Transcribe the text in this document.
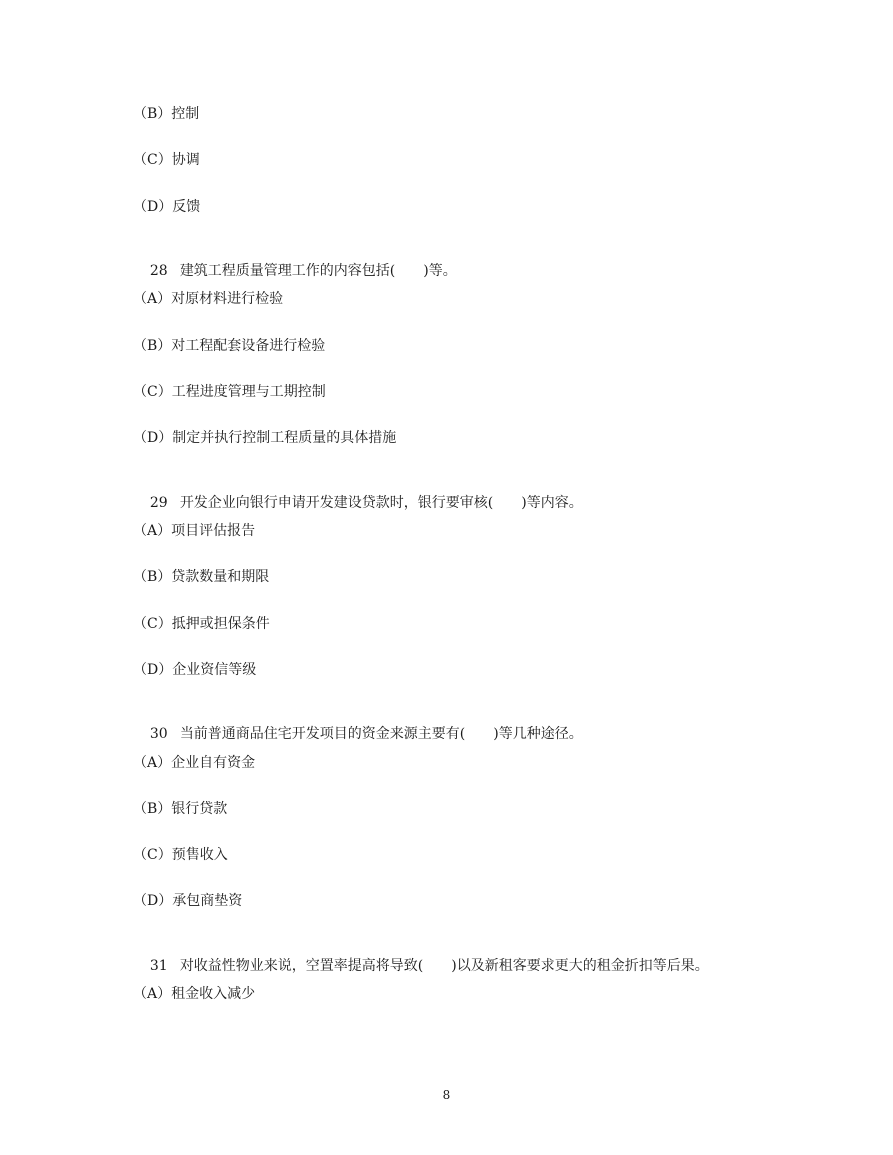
（B）控制
（C）协调
（D）反馈

28 建筑工程质量管理工作的内容包括(　　)等。

（A）对原材料进行检验
（B）对工程配套设备进行检验
（C）工程进度管理与工期控制
（D）制定并执行控制工程质量的具体措施

29 开发企业向银行申请开发建设贷款时，银行要审核(　　)等内容。

（A）项目评估报告
（B）贷款数量和期限
（C）抵押或担保条件
（D）企业资信等级

30 当前普通商品住宅开发项目的资金来源主要有(　　)等几种途径。

（A）企业自有资金
（B）银行贷款
（C）预售收入
（D）承包商垫资

31 对收益性物业来说，空置率提高将导致(　　)以及新租客要求更大的租金折扣等后果。

（A）租金收入减少
8
